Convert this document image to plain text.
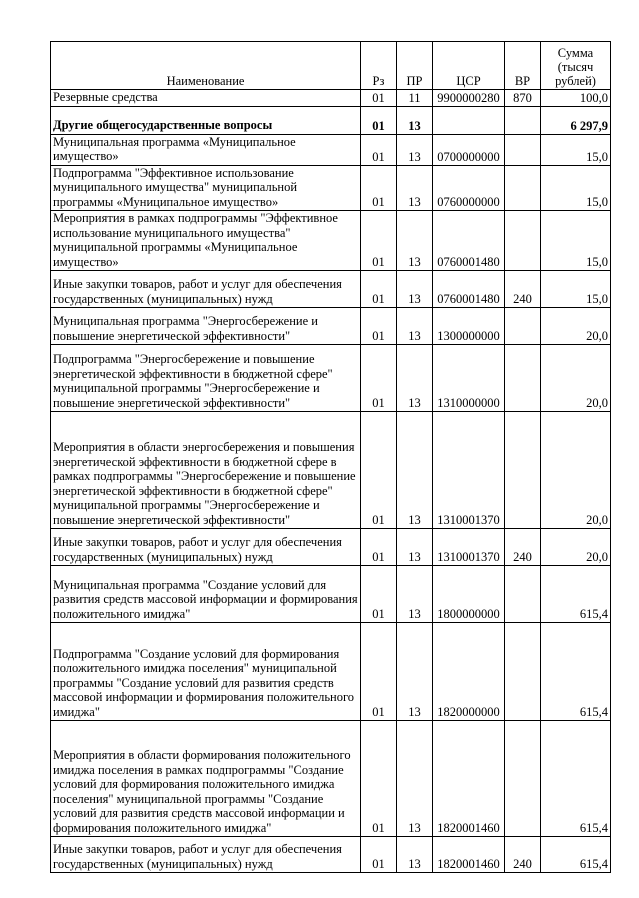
Наименование	Рз	ПР	ЦСР	ВР	Сумма (тысяч рублей)
Резервные средства	01	11	9900000280	870	100,0
Другие общегосударственные вопросы	01	13			6 297,9
Муниципальная программа «Муниципальное имущество»	01	13	0700000000		15,0
Подпрограмма "Эффективное использование муниципального имущества" муниципальной программы «Муниципальное имущество»	01	13	0760000000		15,0
Мероприятия в рамках подпрограммы "Эффективное использование муниципального имущества" муниципальной программы «Муниципальное имущество»	01	13	0760001480		15,0
Иные закупки товаров, работ и услуг для обеспечения государственных (муниципальных) нужд	01	13	0760001480	240	15,0
Муниципальная программа "Энергосбережение и повышение энергетической эффективности"	01	13	1300000000		20,0
Подпрограмма "Энергосбережение и повышение энергетической эффективности в бюджетной сфере" муниципальной программы "Энергосбережение и повышение энергетической эффективности"	01	13	1310000000		20,0
Мероприятия в области энергосбережения и повышения энергетической эффективности в бюджетной сфере в рамках подпрограммы "Энергосбережение и повышение энергетической эффективности в бюджетной сфере" муниципальной программы "Энергосбережение и повышение энергетической эффективности"	01	13	1310001370		20,0
Иные закупки товаров, работ и услуг для обеспечения государственных (муниципальных) нужд	01	13	1310001370	240	20,0
Муниципальная программа "Создание условий для развития средств массовой информации и формирования положительного имиджа"	01	13	1800000000		615,4
Подпрограмма "Создание условий для формирования положительного имиджа поселения" муниципальной программы "Создание условий для развития средств массовой информации и формирования положительного имиджа"	01	13	1820000000		615,4
Мероприятия в области формирования положительного имиджа поселения в рамках подпрограммы "Создание условий для формирования положительного имиджа поселения" муниципальной программы "Создание условий для развития средств массовой информации и формирования положительного имиджа"	01	13	1820001460		615,4
Иные закупки товаров, работ и услуг для обеспечения государственных (муниципальных) нужд	01	13	1820001460	240	615,4
